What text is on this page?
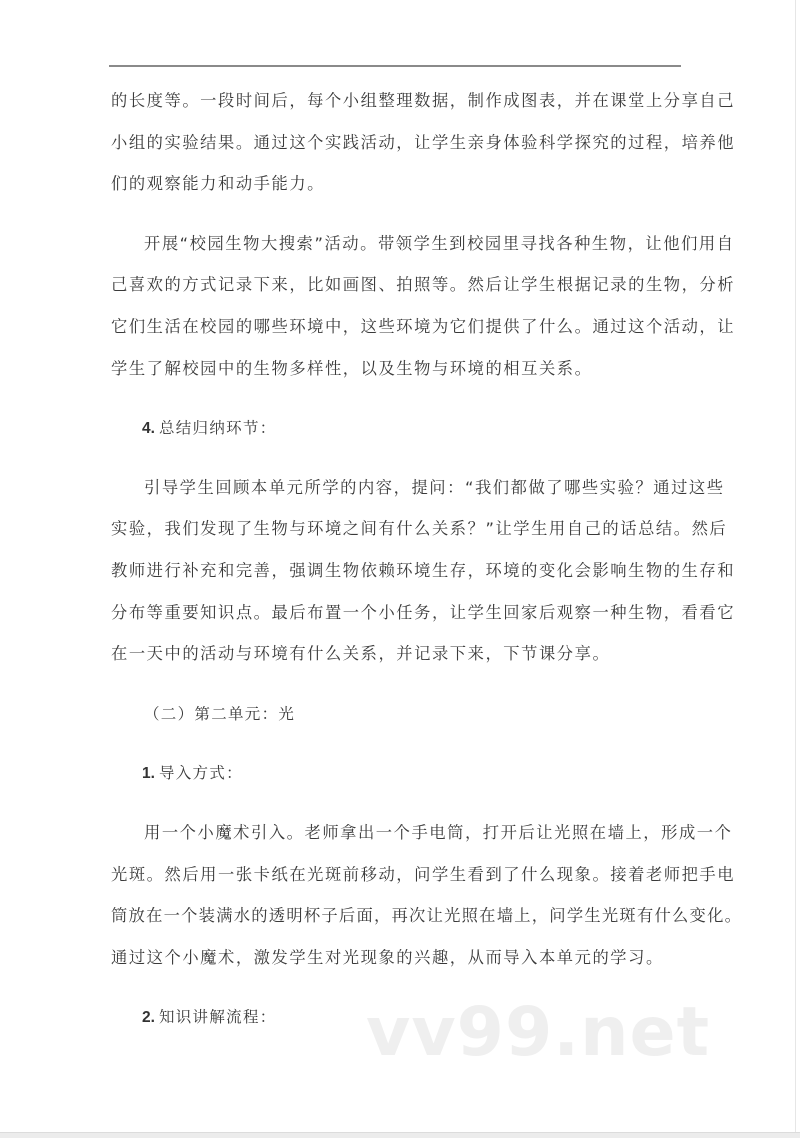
的长度等。一段时间后，每个小组整理数据，制作成图表，并在课堂上分享自己
小组的实验结果。通过这个实践活动，让学生亲身体验科学探究的过程，培养他
们的观察能力和动手能力。
开展“校园生物大搜索”活动。带领学生到校园里寻找各种生物，让他们用自
己喜欢的方式记录下来，比如画图、拍照等。然后让学生根据记录的生物，分析
它们生活在校园的哪些环境中，这些环境为它们提供了什么。通过这个活动，让
学生了解校园中的生物多样性，以及生物与环境的相互关系。
4. 总结归纳环节：
引导学生回顾本单元所学的内容，提问：“我们都做了哪些实验？通过这些
实验，我们发现了生物与环境之间有什么关系？”让学生用自己的话总结。然后
教师进行补充和完善，强调生物依赖环境生存，环境的变化会影响生物的生存和
分布等重要知识点。最后布置一个小任务，让学生回家后观察一种生物，看看它
在一天中的活动与环境有什么关系，并记录下来，下节课分享。
（二）第二单元：光
1. 导入方式：
用一个小魔术引入。老师拿出一个手电筒，打开后让光照在墙上，形成一个
光斑。然后用一张卡纸在光斑前移动，问学生看到了什么现象。接着老师把手电
筒放在一个装满水的透明杯子后面，再次让光照在墙上，问学生光斑有什么变化。
通过这个小魔术，激发学生对光现象的兴趣，从而导入本单元的学习。
2. 知识讲解流程：	vv99.net
